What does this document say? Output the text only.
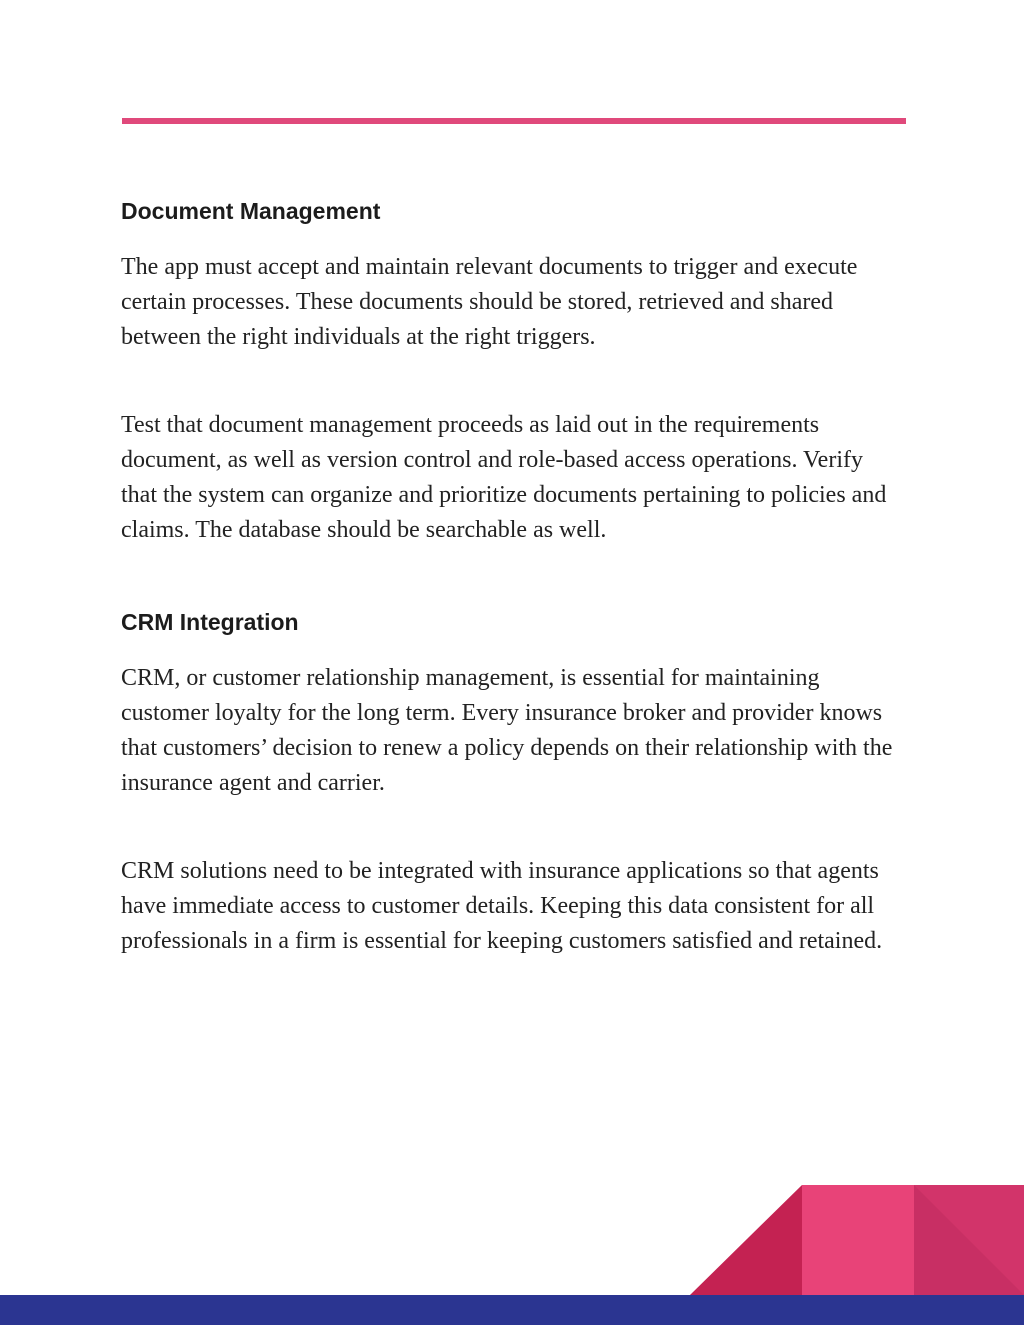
Document Management

The app must accept and maintain relevant documents to trigger and execute certain processes. These documents should be stored, retrieved and shared between the right individuals at the right triggers.

Test that document management proceeds as laid out in the requirements document, as well as version control and role-based access operations. Verify that the system can organize and prioritize documents pertaining to policies and claims. The database should be searchable as well.

CRM Integration

CRM, or customer relationship management, is essential for maintaining customer loyalty for the long term. Every insurance broker and provider knows that customers’ decision to renew a policy depends on their relationship with the insurance agent and carrier.

CRM solutions need to be integrated with insurance applications so that agents have immediate access to customer details. Keeping this data consistent for all professionals in a firm is essential for keeping customers satisfied and retained.
